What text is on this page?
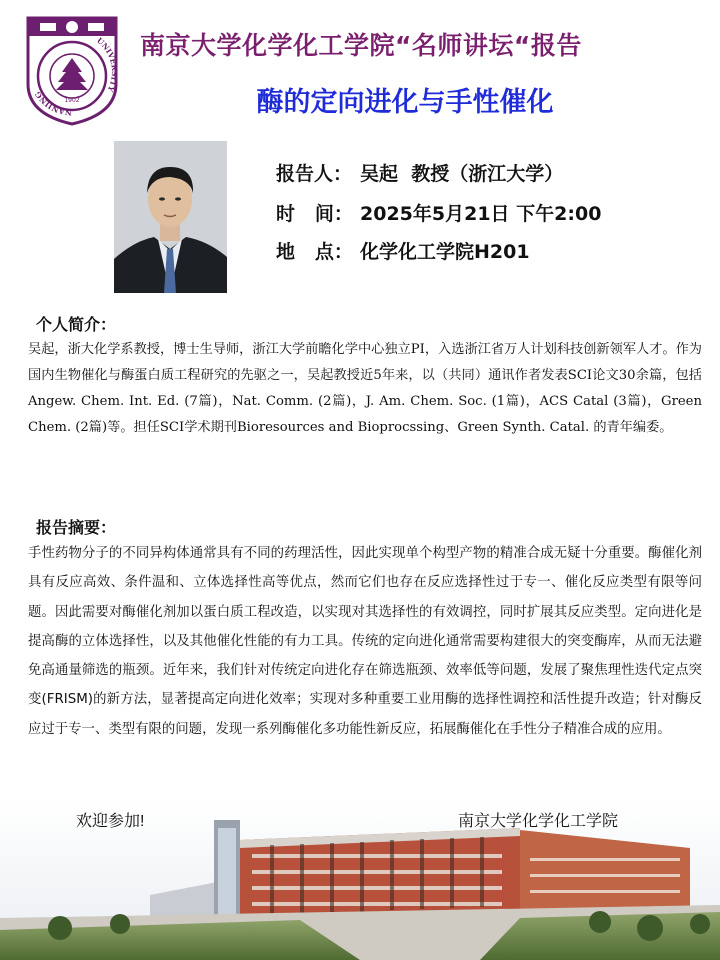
NANJING
UNIVERSITY
1902
南京大学化学化工学院“名师讲坛“报告
酶的定向进化与手性催化
报告人： 吴起  教授（浙江大学）
时   间： 2025年5月21日 下午2:00
地   点： 化学化工学院H201
个人简介：
吴起，浙大化学系教授，博士生导师，浙江大学前瞻化学中心独立PI，入选浙江省万人计划科技创新领军人才。作为国内生物催化与酶蛋白质工程研究的先驱之一，吴起教授近5年来，以（共同）通讯作者发表SCI论文30余篇，包括Angew. Chem. Int. Ed. (7篇)，Nat. Comm. (2篇)，J. Am. Chem. Soc. (1篇)，ACS Catal (3篇)，Green Chem. (2篇)等。担任SCI学术期刊Bioresources and Bioprocssing、Green Synth. Catal. 的青年编委。
报告摘要：
手性药物分子的不同异构体通常具有不同的药理活性，因此实现单个构型产物的精准合成无疑十分重要。酶催化剂具有反应高效、条件温和、立体选择性高等优点，然而它们也存在反应选择性过于专一、催化反应类型有限等问题。因此需要对酶催化剂加以蛋白质工程改造，以实现对其选择性的有效调控，同时扩展其反应类型。定向进化是提高酶的立体选择性，以及其他催化性能的有力工具。传统的定向进化通常需要构建很大的突变酶库，从而无法避免高通量筛选的瓶颈。近年来，我们针对传统定向进化存在筛选瓶颈、效率低等问题，发展了聚焦理性迭代定点突变(FRISM)的新方法，显著提高定向进化效率；实现对多种重要工业用酶的选择性调控和活性提升改造；针对酶反应过于专一、类型有限的问题，发现一系列酶催化多功能性新反应，拓展酶催化在手性分子精准合成的应用。
欢迎参加!	南京大学化学化工学院
